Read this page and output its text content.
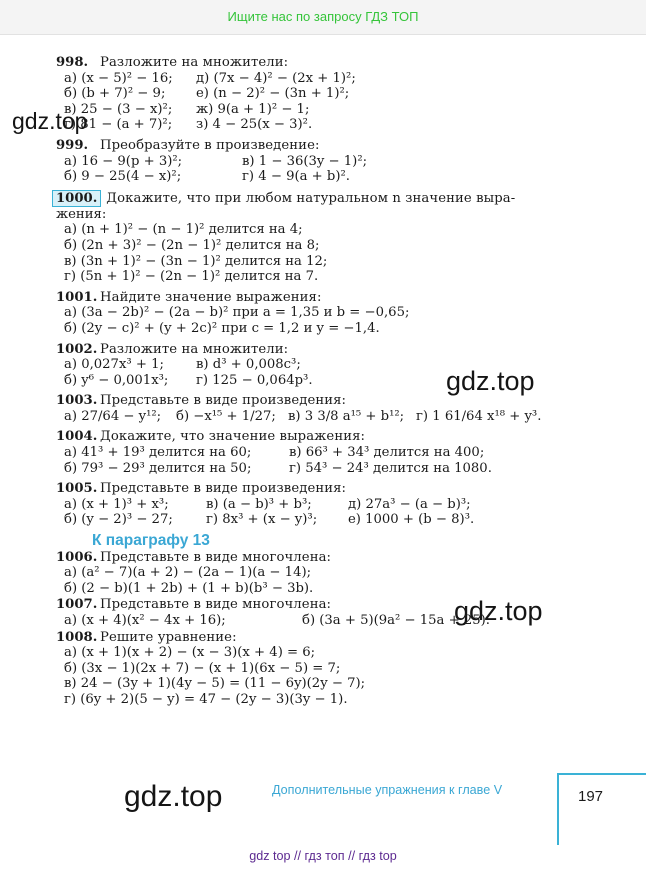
Ищите нас по запросу ГДЗ ТОП
gdz.top
gdz.top
gdz.top
gdz.top
998. Разложите на множители:
а) (x − 5)² − 16;	д) (7x − 4)² − (2x + 1)²;
б) (b + 7)² − 9;	е) (n − 2)² − (3n + 1)²;
в) 25 − (3 − x)²;	ж) 9(a + 1)² − 1;
г) 81 − (a + 7)²;	з) 4 − 25(x − 3)².
999. Преобразуйте в произведение:
а) 16 − 9(p + 3)²;	в) 1 − 36(3y − 1)²;
б) 9 − 25(4 − x)²;	г) 4 − 9(a + b)².
1000. Докажите, что при любом натуральном n значение выра-
жения:
а) (n + 1)² − (n − 1)² делится на 4;
б) (2n + 3)² − (2n − 1)² делится на 8;
в) (3n + 1)² − (3n − 1)² делится на 12;
г) (5n + 1)² − (2n − 1)² делится на 7.
1001. Найдите значение выражения:
а) (3a − 2b)² − (2a − b)² при a = 1,35 и b = −0,65;
б) (2y − c)² + (y + 2c)² при c = 1,2 и y = −1,4.
1002. Разложите на множители:
а) 0,027x³ + 1;	в) d³ + 0,008c³;
б) y⁶ − 0,001x³;	г) 125 − 0,064p³.
1003. Представьте в виде произведения:
а) 27/64 − y¹²;	б) −x¹⁵ + 1/27; в) 3 3/8 a¹⁵ + b¹²; г) 1 61/64 x¹⁸ + y³.
1004. Докажите, что значение выражения:
а) 41³ + 19³ делится на 60;	в) 66³ + 34³ делится на 400;
б) 79³ − 29³ делится на 50;	г) 54³ − 24³ делится на 1080.
1005. Представьте в виде произведения:
а) (x + 1)³ + x³;	в) (a − b)³ + b³;	д) 27a³ − (a − b)³;
б) (y − 2)³ − 27;	г) 8x³ + (x − y)³;	е) 1000 + (b − 8)³.
К параграфу 13
1006. Представьте в виде многочлена:
а) (a² − 7)(a + 2) − (2a − 1)(a − 14);
б) (2 − b)(1 + 2b) + (1 + b)(b³ − 3b).
1007. Представьте в виде многочлена:
а) (x + 4)(x² − 4x + 16);	б) (3a + 5)(9a² − 15a + 25).
1008. Решите уравнение:
а) (x + 1)(x + 2) − (x − 3)(x + 4) = 6;
б) (3x − 1)(2x + 7) − (x + 1)(6x − 5) = 7;
в) 24 − (3y + 1)(4y − 5) = (11 − 6y)(2y − 7);
г) (6y + 2)(5 − y) = 47 − (2y − 3)(3y − 1).
Дополнительные упражнения к главе V	197
gdz top // гдз топ // гдз top
